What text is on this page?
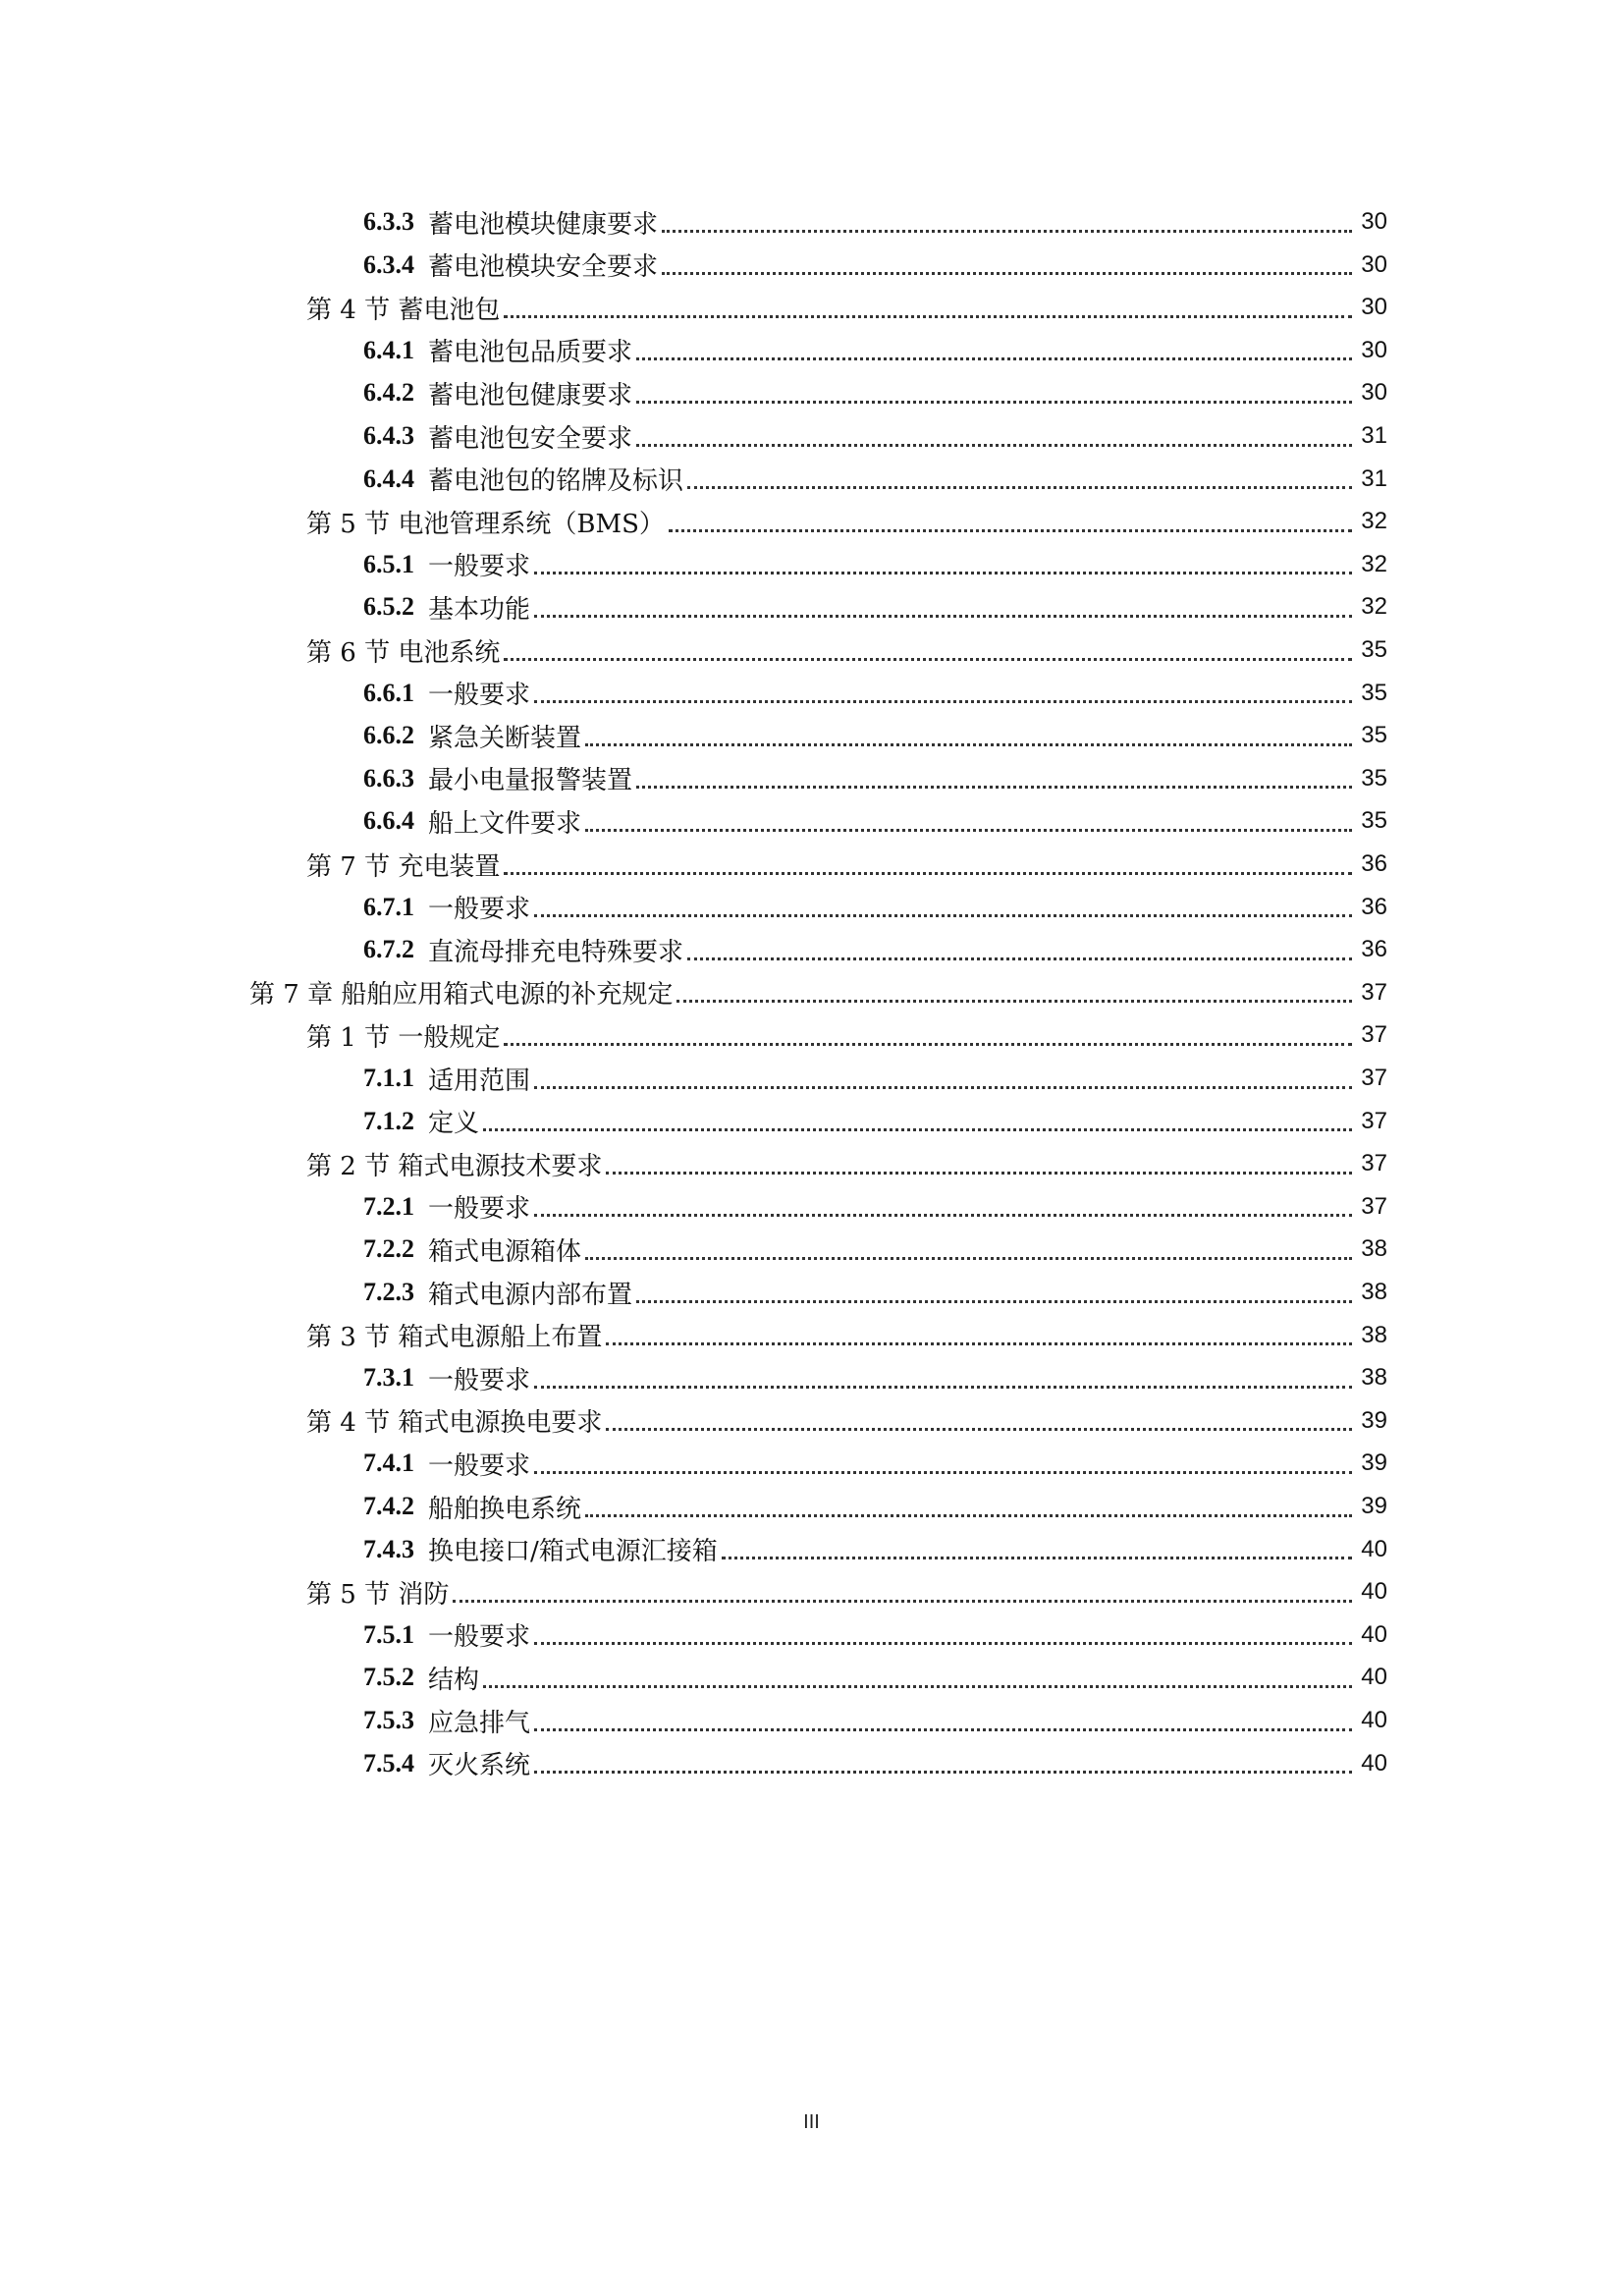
6.3.3 蓄电池模块健康要求	30
6.3.4 蓄电池模块安全要求	30
第 4 节 蓄电池包	30
6.4.1 蓄电池包品质要求	30
6.4.2 蓄电池包健康要求	30
6.4.3 蓄电池包安全要求	31
6.4.4 蓄电池包的铭牌及标识	31
第 5 节 电池管理系统（BMS）	32
6.5.1 一般要求	32
6.5.2 基本功能	32
第 6 节 电池系统	35
6.6.1 一般要求	35
6.6.2 紧急关断装置	35
6.6.3 最小电量报警装置	35
6.6.4 船上文件要求	35
第 7 节 充电装置	36
6.7.1 一般要求	36
6.7.2 直流母排充电特殊要求	36
第 7 章 船舶应用箱式电源的补充规定	37
第 1 节 一般规定	37
7.1.1 适用范围	37
7.1.2 定义	37
第 2 节 箱式电源技术要求	37
7.2.1 一般要求	37
7.2.2 箱式电源箱体	38
7.2.3 箱式电源内部布置	38
第 3 节 箱式电源船上布置	38
7.3.1 一般要求	38
第 4 节 箱式电源换电要求	39
7.4.1 一般要求	39
7.4.2 船舶换电系统	39
7.4.3 换电接口/箱式电源汇接箱	40
第 5 节 消防	40
7.5.1 一般要求	40
7.5.2 结构	40
7.5.3 应急排气	40
7.5.4 灭火系统	40
III
